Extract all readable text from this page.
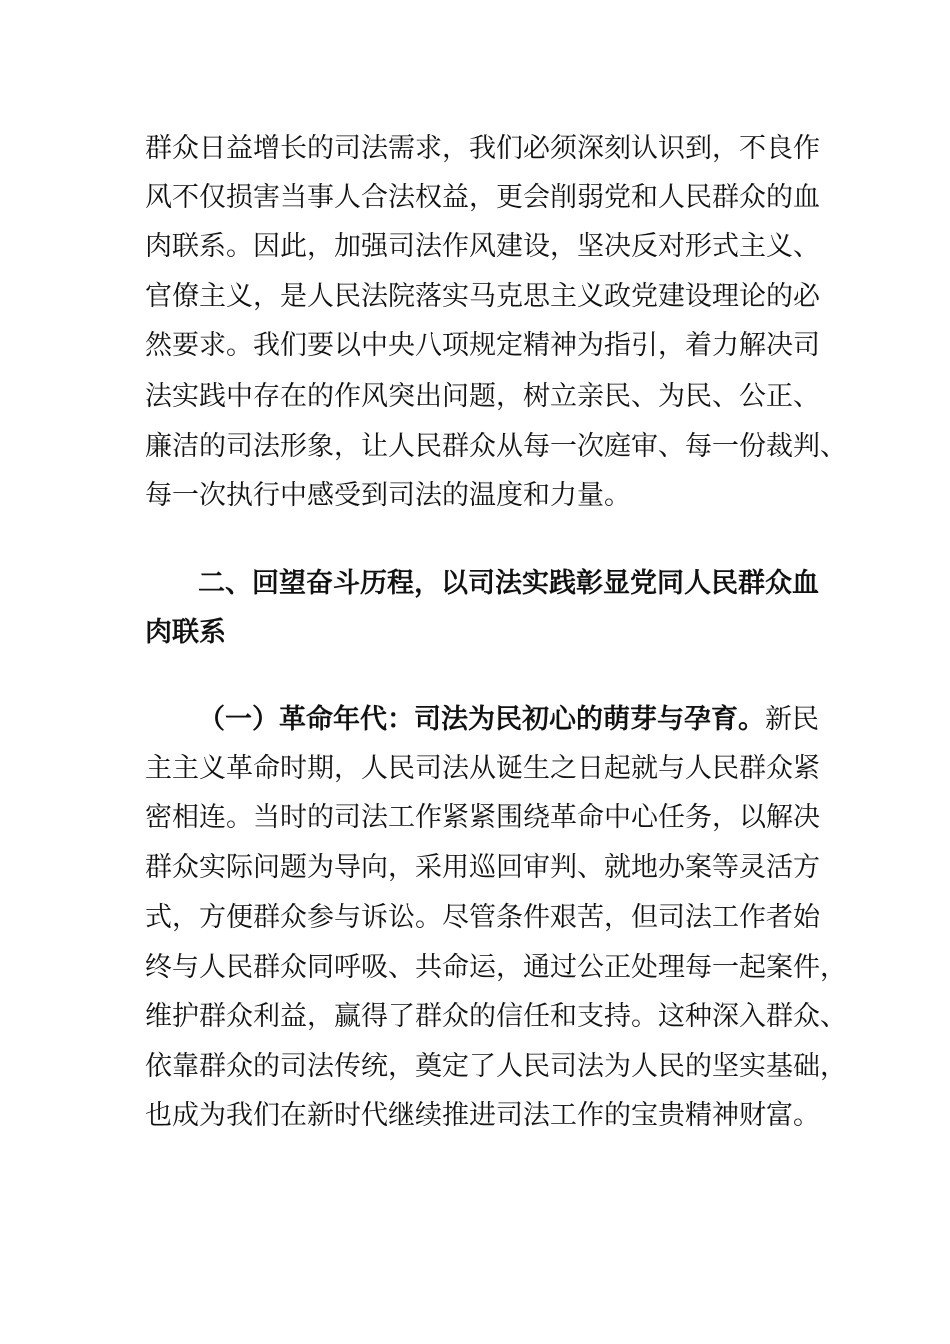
群众日益增长的司法需求，我们必须深刻认识到，不良作
风不仅损害当事人合法权益，更会削弱党和人民群众的血
肉联系。因此，加强司法作风建设，坚决反对形式主义、
官僚主义，是人民法院落实马克思主义政党建设理论的必
然要求。我们要以中央八项规定精神为指引，着力解决司
法实践中存在的作风突出问题，树立亲民、为民、公正、
廉洁的司法形象，让人民群众从每一次庭审、每一份裁判、
每一次执行中感受到司法的温度和力量。
二、回望奋斗历程，以司法实践彰显党同人民群众血
肉联系
（一）革命年代：司法为民初心的萌芽与孕育。新民
主主义革命时期，人民司法从诞生之日起就与人民群众紧
密相连。当时的司法工作紧紧围绕革命中心任务，以解决
群众实际问题为导向，采用巡回审判、就地办案等灵活方
式，方便群众参与诉讼。尽管条件艰苦，但司法工作者始
终与人民群众同呼吸、共命运，通过公正处理每一起案件，
维护群众利益，赢得了群众的信任和支持。这种深入群众、
依靠群众的司法传统，奠定了人民司法为人民的坚实基础，
也成为我们在新时代继续推进司法工作的宝贵精神财富。
